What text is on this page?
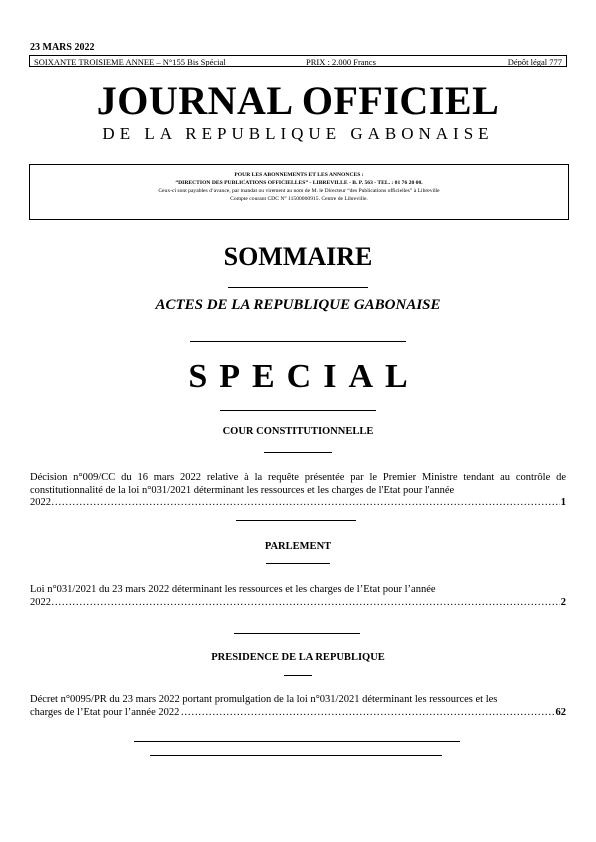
23 MARS 2022
SOIXANTE TROISIEME ANNEE – N°155 Bis Spécial	PRIX : 2.000 Francs	Dépôt légal 777
JOURNAL OFFICIEL
DE LA REPUBLIQUE GABONAISE
POUR LES ABONNEMENTS ET LES ANNONCES :
“DIRECTION DES PUBLICATIONS OFFICIELLES” - LIBREVILLE - B. P. 563 - TEL. : 01 76 20 00.
Ceux-ci sont payables d’avance, par mandat ou virement au nom de M. le Directeur “des Publications officielles” à Libreville
Compte courant CDC N° 11500000915. Centre de Libreville.
SOMMAIRE
ACTES DE LA REPUBLIQUE GABONAISE
SPECIAL
COUR CONSTITUTIONNELLE
Décision n°009/CC du 16 mars 2022 relative à la requête présentée par le Premier Ministre tendant au contrôle de constitutionnalité de la loi n°031/2021 déterminant les ressources et les charges de l'Etat pour l'année
……………………………………………………………………………………………………………………………………………………………
2022	1
PARLEMENT
Loi n°031/2021 du 23 mars 2022 déterminant les ressources et les charges de l’Etat pour l’année
……………………………………………………………………………………………………………………………………………………………
2022	2
PRESIDENCE DE LA REPUBLIQUE
Décret n°0095/PR du 23 mars 2022 portant promulgation de la loi n°031/2021 déterminant les ressources et les
……………………………………………………………………………………………………………………………………………………………
charges de l’Etat pour l’année 2022	62
